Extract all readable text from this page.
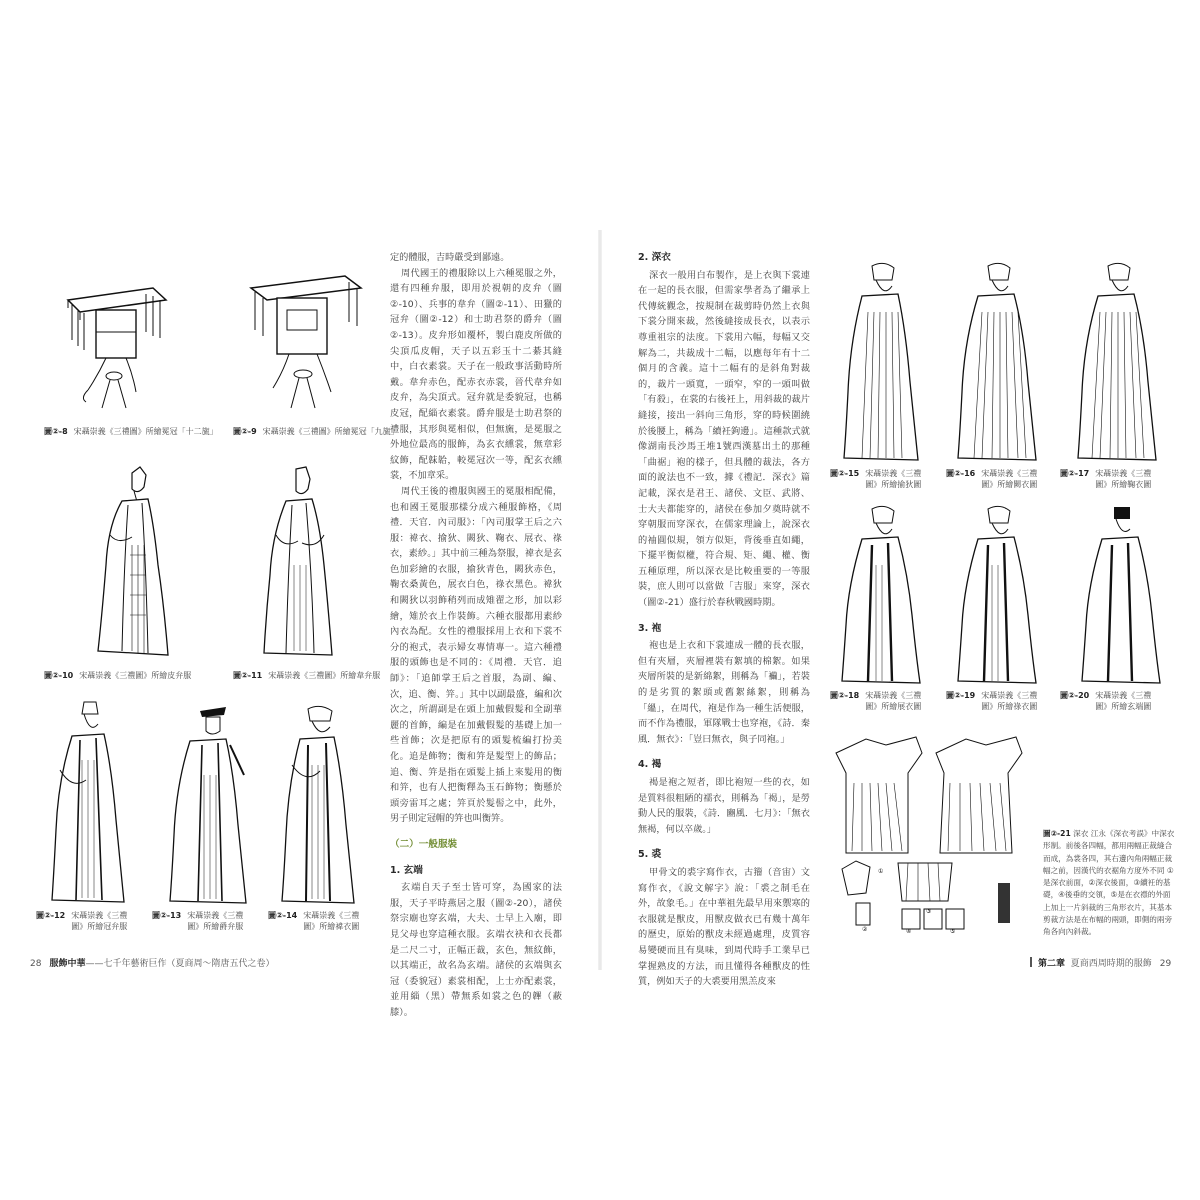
圖②-8 宋聶崇義《三禮圖》所繪冕冠「十二旒」 圖②-9 宋聶崇義《三禮圖》所繪冕冠「九旒」
圖②-10 宋聶崇義《三禮圖》所繪皮弁服	圖②-11 宋聶崇義《三禮圖》所繪韋弁服
圖②-12 宋聶崇義《三禮圖》所繪冠弁服
圖②-13 宋聶崇義《三禮圖》所繪爵弁服
圖②-14 宋聶崇義《三禮圖》所繪褘衣圖

定的體服，吉時嚴受到鄙遠。

周代國王的禮服除以上六種冕服之外，還有四種弁服，即用於視朝的皮弁（圖②-10）、兵事的韋弁（圖②-11）、田獵的冠弁（圖②-12）和士助君祭的爵弁（圖②-13）。皮弁形如覆杯，製白鹿皮所做的尖頂瓜皮帽，天子以五彩玉十二綦其縫中，白衣素裳。天子在一般政事活動時所戴。韋弁赤色，配赤衣赤裳，晉代韋弁如皮弁，為尖頂式。冠弁就是委貌冠，也稱皮冠，配緇衣素裳。爵弁服是士助君祭的禮服，其形與冕相似，但無旒，是冕服之外地位最高的服飾，為玄衣纁裳，無章彩紋飾，配韎韐，較冕冠次一等，配玄衣纁裳，不加章采。

周代王後的禮服與國王的冕服相配備，也和國王冕服那樣分成六種服飾格，《周禮．天官．內司服》：「內司服掌王后之六服：褘衣、揄狄、闕狄、鞠衣、展衣、祿衣，素紗。」其中前三種為祭服，褘衣是玄色加彩繪的衣服，揄狄青色，闕狄赤色，鞠衣桑黃色，展衣白色，祿衣黑色。褘狄和闕狄以羽飾稍列而成雉翟之形，加以彩繪，雉於衣上作裝飾。六種衣服都用素紗內衣為配。女性的禮服採用上衣和下裳不分的袍式，表示婦女專情專一。這六種禮服的頭飾也是不同的：《周禮．天官．追師》：「追師掌王后之首服，為副、編、次，追、衡、笄。」其中以副最盛，編和次次之，所謂副是在頭上加戴假髮和全副華麗的首飾，編是在加戴假髮的基礎上加一些首飾；次是把原有的頭髮梳編打扮美化。追是飾物；衡和笄是髮型上的飾品；追、衡、笄是指在頭髮上插上來髮用的衡和笄，也有人把衡釋為玉石飾物；衡懸於頭旁雷耳之處；笄頁於髮髻之中，此外，男子則定冠帽的笄也叫衡笄。

（二）一般服裝

1. 玄端

玄端自天子至士皆可穿，為國家的法服，天子平時燕居之服（圖②-20），諸侯祭宗廟也穿玄端，大夫、士早上入廟，即見父母也穿這種衣服。玄端衣袂和衣長都是二尺二寸，正幅正裁，玄色，無紋飾，以其端正，故名為玄端。諸侯的玄端與玄冠（委貌冠）素裳相配，上士亦配素裳，並用緇（黑）帶無系如裳之色的韠（蔽膝）。

28 服飾中華——七千年藝術巨作（夏商周～隋唐五代之卷）

2. 深衣

深衣一般用白布製作，是上衣與下裳連在一起的長衣服，但需家學者為了繼承上代傳統觀念，按規制在裁剪時仍然上衣與下裳分開來裁，然後縫接成長衣，以表示尊重祖宗的法度。下裳用六幅，每幅又交解為二，共裁成十二幅，以應每年有十二個月的含義。這十二幅有的是斜角對裁的，裁片一頭寬，一頭窄，窄的一頭叫做「有殺」，在裳的右後衽上，用斜裁的裁片縫接，接出一斜向三角形，穿的時候圍繞於後腰上，稱為「續衽鉤邊」。這種款式就像湖南長沙馬王堆1號西漢墓出土的那種「曲裾」袍的樣子，但具體的裁法，各方面的說法也不一致，據《禮記．深衣》篇記載，深衣是君王、諸侯、文臣、武將、士大夫都能穿的，諸侯在參加夕奠時就不穿朝服而穿深衣，在儒家理論上，說深衣的袖圓似規，領方似矩，背後垂直如繩，下擺平衡似權，符合規、矩、繩、權、衡五種原理，所以深衣是比較重要的一等服裝，庶人則可以當做「吉服」來穿，深衣（圖②-21）盛行於春秋戰國時期。

3. 袍

袍也是上衣和下裳連成一體的長衣服，但有夾層，夾層裡裝有絮填的棉絮。如果夾層所裝的是新綿絮，則稱為「襺」，若裝的是劣質的絮頭或舊絮絲絮，則稱為「縕」，在周代，袍是作為一種生活便服，而不作為禮服，軍隊戰士也穿袍，《詩．秦風．無衣》：「豈曰無衣，與子同袍。」

4. 褐

褐是袍之短者，即比袍短一些的衣，如是質料很粗陋的襦衣，則稱為「褐」，是勞動人民的服裝，《詩．豳風．七月》：「無衣無褐，何以卒歲。」

5. 裘

甲骨文的裘字寫作衣，古籀（音宙）文寫作衣，《說文解字》說：「裘之制毛在外，故象毛。」在中華祖先最早用來禦寒的衣服就是獸皮，用獸皮做衣已有幾十萬年的歷史，原始的獸皮未經過處理，皮質容易變硬而且有臭味，到周代時手工業早已掌握熟皮的方法，而且懂得各種獸皮的性質，例如天子的大裘要用黑羔皮來

圖②-15 宋聶崇義《三禮圖》所繪揄狄圖
圖②-16 宋聶崇義《三禮圖》所繪闕衣圖
圖②-17 宋聶崇義《三禮圖》所繪鞠衣圖
圖②-18 宋聶崇義《三禮圖》所繪展衣圖
圖②-19 宋聶崇義《三禮圖》所繪祿衣圖
圖②-20 宋聶崇義《三禮圖》所繪玄端圖
①
②
③
④	⑤
圖②-21 深衣 江永《深衣考誤》中深衣形制。前後各四幅，都用兩幅正裁縫合而成，為裳各四，其右邊內角兩幅正裁幅之前，因漢代的衣裾角方度外不同 ①是深衣前面，②深衣後面，③續衽的基礎，④後垂的交領，⑤是在衣襟的外面上加上一片斜裁的三角形衣片，其基本剪裁方法是在布幅的兩頭，即側的兩旁角各向內斜裁。
第二章 夏商西周時期的服飾 29
